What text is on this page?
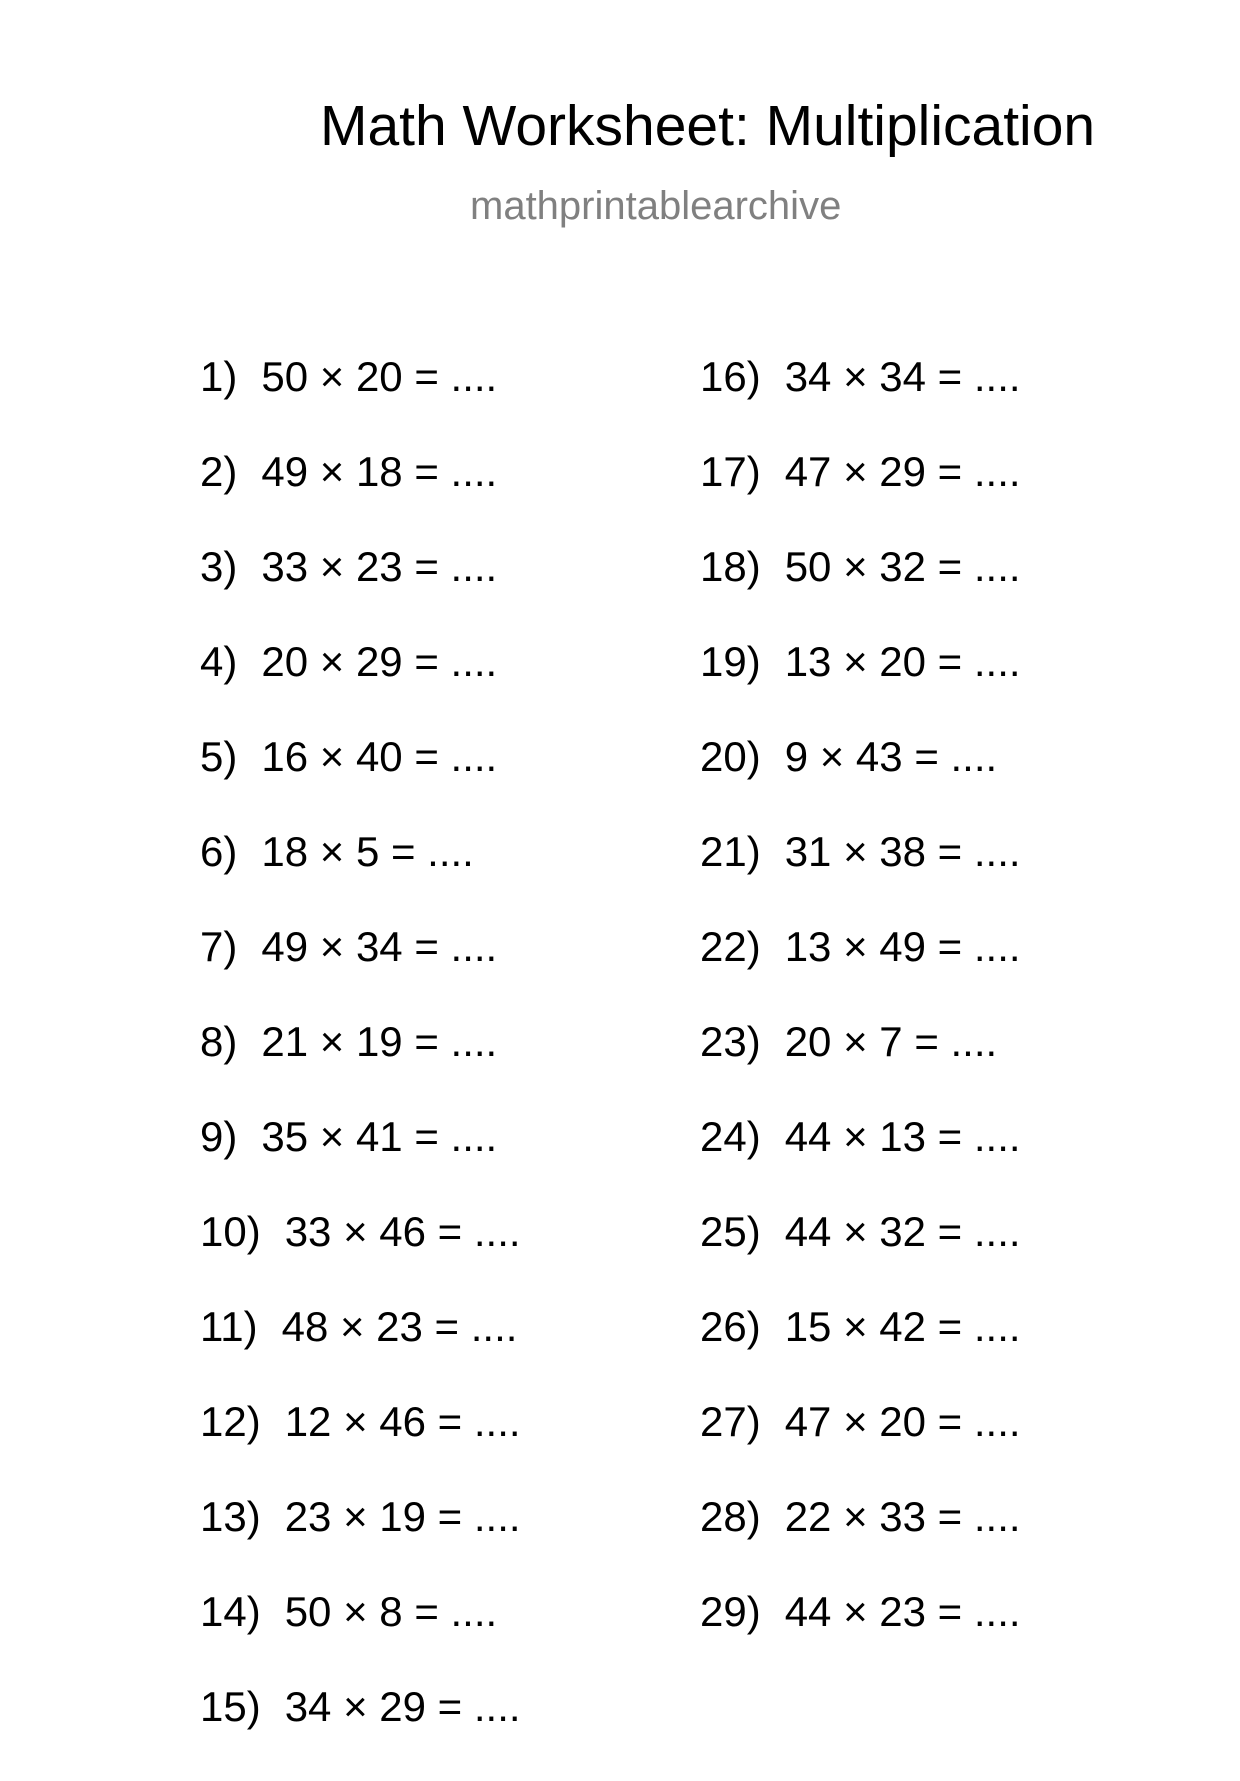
Math Worksheet: Multiplication
mathprintablearchive
1) 50 × 20 = ....
2) 49 × 18 = ....
3) 33 × 23 = ....
4) 20 × 29 = ....
5) 16 × 40 = ....
6) 18 × 5 = ....
7) 49 × 34 = ....
8) 21 × 19 = ....
9) 35 × 41 = ....
10) 33 × 46 = ....
11) 48 × 23 = ....
12) 12 × 46 = ....
13) 23 × 19 = ....
14) 50 × 8 = ....
15) 34 × 29 = ....
16) 34 × 34 = ....
17) 47 × 29 = ....
18) 50 × 32 = ....
19) 13 × 20 = ....
20) 9 × 43 = ....
21) 31 × 38 = ....
22) 13 × 49 = ....
23) 20 × 7 = ....
24) 44 × 13 = ....
25) 44 × 32 = ....
26) 15 × 42 = ....
27) 47 × 20 = ....
28) 22 × 33 = ....
29) 44 × 23 = ....
